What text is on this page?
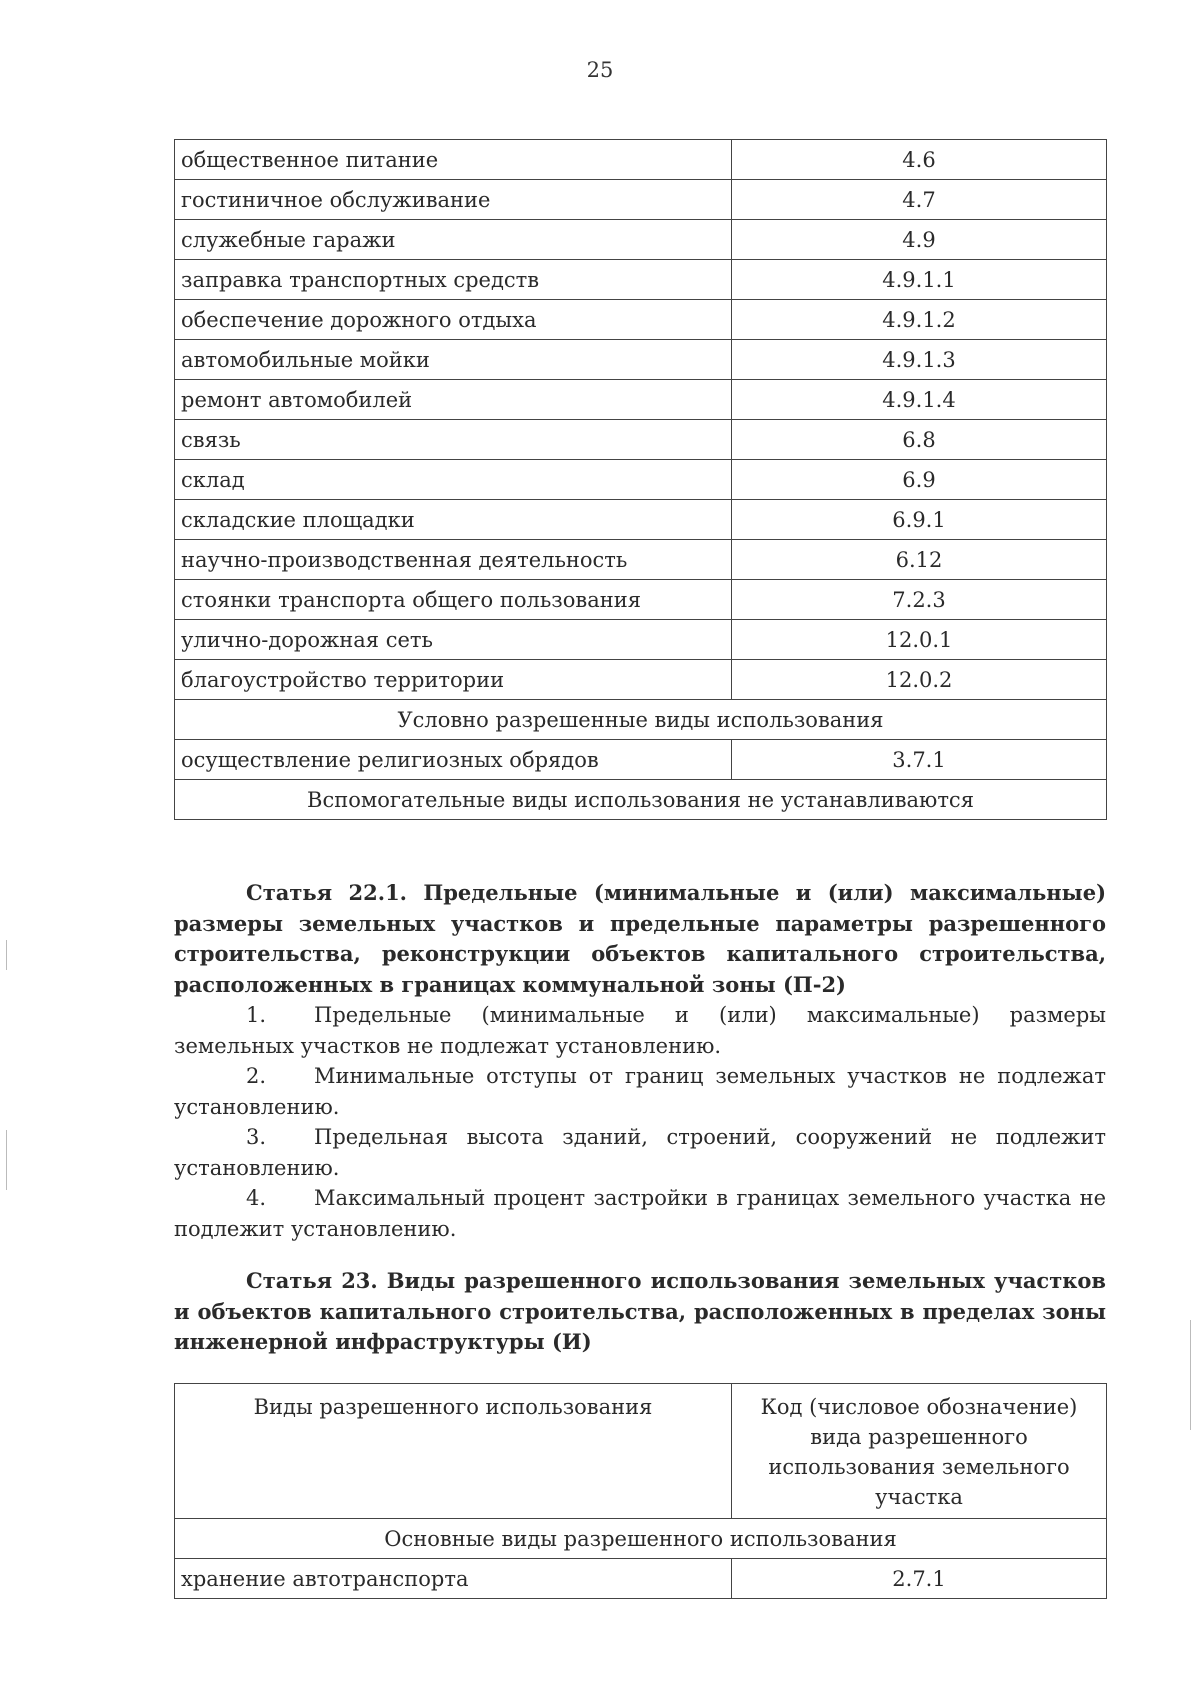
25
общественное питание	4.6
гостиничное обслуживание	4.7
служебные гаражи	4.9
заправка транспортных средств	4.9.1.1
обеспечение дорожного отдыха	4.9.1.2
автомобильные мойки	4.9.1.3
ремонт автомобилей	4.9.1.4
связь	6.8
склад	6.9
складские площадки	6.9.1
научно-производственная деятельность	6.12
стоянки транспорта общего пользования	7.2.3
улично-дорожная сеть	12.0.1
благоустройство территории	12.0.2
Условно разрешенные виды использования	
осуществление религиозных обрядов	3.7.1
Вспомогательные виды использования не устанавливаются	
Статья 22.1. Предельные (минимальные и (или) максимальные) размеры земельных участков и предельные параметры разрешенного строительства, реконструкции объектов капитального строительства, расположенных в границах коммунальной зоны (П-2)
1. Предельные (минимальные и (или) максимальные) размеры земельных участков не подлежат установлению.
2. Минимальные отступы от границ земельных участков не подлежат установлению.
3. Предельная высота зданий, строений, сооружений не подлежит установлению.
4. Максимальный процент застройки в границах земельного участка не подлежит установлению.
Статья 23. Виды разрешенного использования земельных участков и объектов капитального строительства, расположенных в пределах зоны инженерной инфраструктуры (И)
Виды разрешенного использования	Код (числовое обозначение) вида разрешенного использования земельного участка
Основные виды разрешенного использования	
хранение автотранспорта	2.7.1
